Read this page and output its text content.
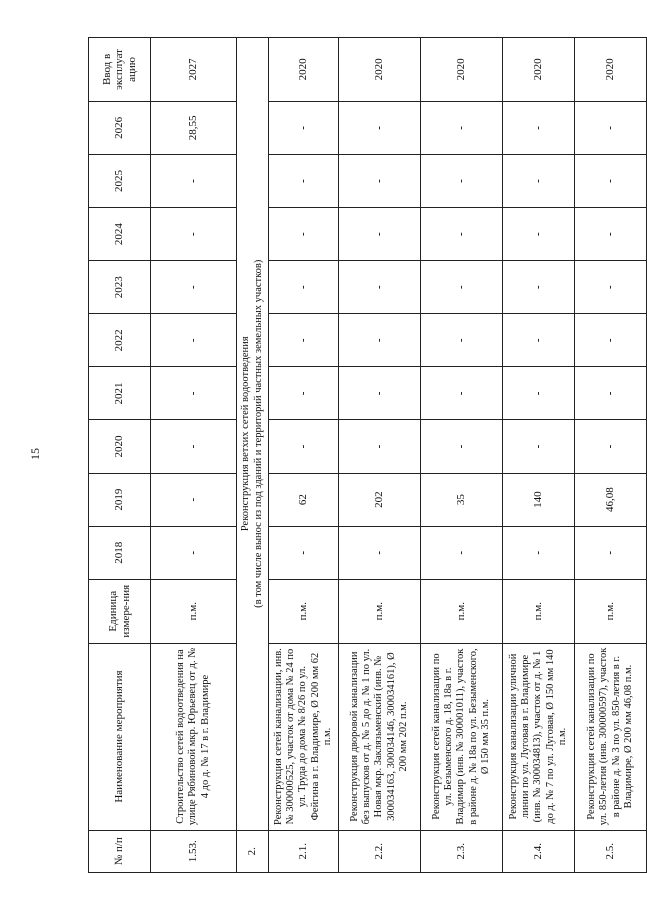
15
№ п/п	Наименование мероприятия	Единица измере-ния	2018	2019	2020	2021	2022	2023	2024	2025	2026	Ввод в эксплуат ацию
1.53.	Строительство сетей водоотведения на улице Рябиновой мкр. Юрьевец от д. № 4 до д. № 17 в г. Владимире	п.м.	-	-	-	-	-	-	-	-	28,55	2027
2.	Реконструкция ветхих сетей водоотведения (в том числе вынос из под зданий и территорий частных земельных участков)											

2.1.	Реконструкция сетей канализации, инв. № 300000525, участок от дома № 24 по ул. Труда до дома № 8/26 по ул. Фейгина в г. Владимире, Ø 200 мм 62 п.м.	п.м.	-	62	-	-	-	-	-	-	-	2020
2.2.	Реконструкция дворовой канализации без выпусков от д. № 5 до д. № 1 по ул. Новая мкр. Заклязьменский (инв. № 300034163, 300034146, 300034161), Ø 200 мм 202 п.м.	п.м.	-	202	-	-	-	-	-	-	-	2020
2.3.	Реконструкция сетей канализации по ул. Безыменского д. 18, 18а в г. Владимир (инв. № 300001011), участок в районе д. № 18а по ул. Безыменского, Ø 150 мм 35 п.м.	п.м.	-	35	-	-	-	-	-	-	-	2020
2.4.	Реконструкция канализации уличной линии по ул. Луговая в г. Владимире (инв. № 300034813), участок от д. № 1 до д. № 7 по ул. Луговая, Ø 150 мм 140 п.м.	п.м.	-	140	-	-	-	-	-	-	-	2020
2.5.	Реконструкция сетей канализации по ул. 850-летия (инв. 300000597), участок в районе д. № 3 по ул. 850-летия в г. Владимире, Ø 200 мм 46,08 п.м.	п.м.	-	46,08	-	-	-	-	-	-	-	2020
